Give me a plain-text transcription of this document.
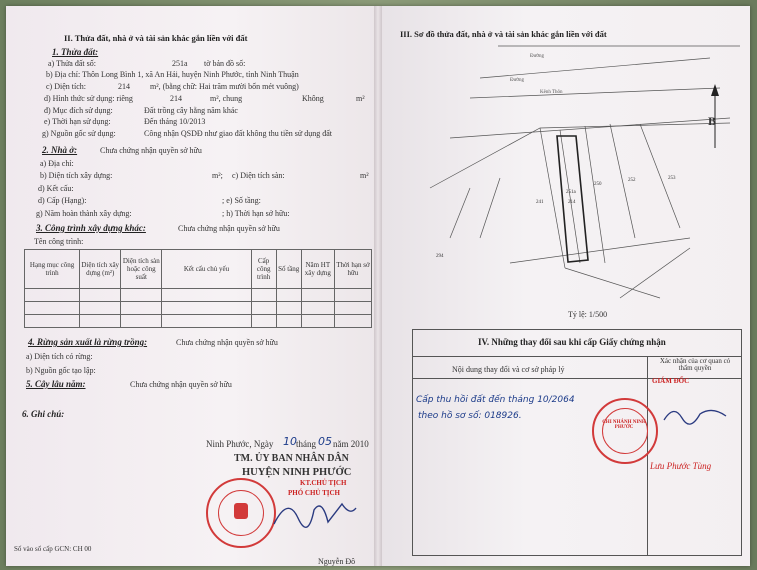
II. Thửa đất, nhà ở và tài sản khác gắn liền với đất
1. Thửa đất:
a) Thửa đất số:	251a tờ bản đồ số:
b) Địa chỉ: Thôn Long Bình 1, xã An Hải, huyện Ninh Phước, tỉnh Ninh Thuận
c) Diện tích:	214	m², (bằng chữ: Hai trăm mười bốn mét vuông)
d) Hình thức sử dụng: riêng	214	m², chung	Không	m²
đ) Mục đích sử dụng:	Đất trồng cây hằng năm khác
e) Thời hạn sử dụng:	Đến tháng 10/2013
g) Nguồn gốc sử dụng:	Công nhận QSDĐ như giao đất không thu tiền sử dụng đất
2. Nhà ở:	Chưa chứng nhận quyền sở hữu
a) Địa chỉ:
b) Diện tích xây dựng:	m²; c) Diện tích sàn:	m²
d) Kết cấu:
d) Cấp (Hạng):	; e) Số tầng:
g) Năm hoàn thành xây dựng:	; h) Thời hạn sở hữu:
3. Công trình xây dựng khác:	Chưa chứng nhận quyền sở hữu
Tên công trình:
Hạng mục công trình	Diện tích xây dựng (m²)	Diện tích sàn hoặc công suất	Kết cấu chủ yếu	Cấp công trình	Số tầng	Năm HT xây dựng	Thời hạn sở hữu

4. Rừng sản xuất là rừng trồng:	Chưa chứng nhận quyền sở hữu
a) Diện tích có rừng:
b) Nguồn gốc tạo lập:
5. Cây lâu năm:	Chưa chứng nhận quyền sở hữu
6. Ghi chú:
Ninh Phước, Ngày 10 tháng 05 năm 2010
TM. ỦY BAN NHÂN DÂN
HUYỆN NINH PHƯỚC
KT.CHỦ TỊCH
PHÓ CHỦ TỊCH
Nguyễn Đô
Số vào sổ cấp GCN: CH 00
III. Sơ đồ thửa đất, nhà ở và tài sản khác gắn liền với đất
Đường
Kênh Thôn
Đường
251a
214
250
252	253
294
241
B
Tỷ lệ: 1/500
IV. Những thay đổi sau khi cấp Giấy chứng nhận
Nội dung thay đổi và cơ sở pháp lý
Xác nhận của cơ quan có thẩm quyền
Cấp thu hồi đất đến tháng 10/2064
theo hồ sơ số: 018926.
GIÁM ĐỐC
CHI NHÁNH NINH PHƯỚC
Lưu Phước Tùng
